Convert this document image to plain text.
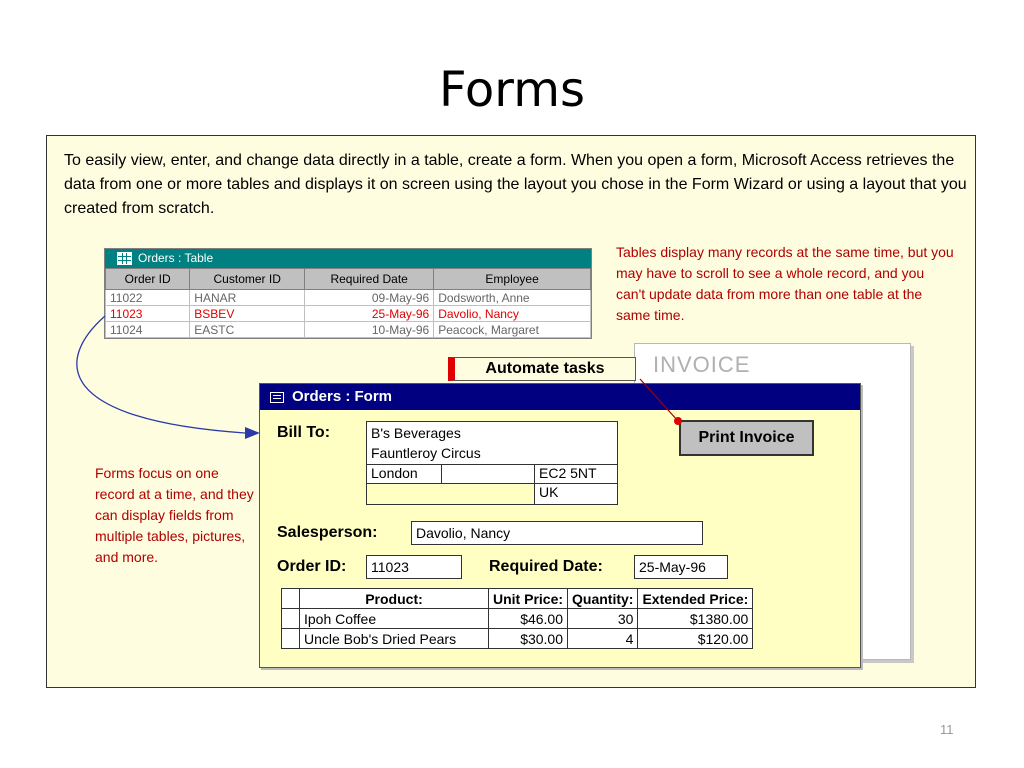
Forms
To easily view, enter, and change data directly in a table, create a form. When you open a form, Microsoft Access retrieves the data from one or more tables and displays it on screen using the layout you chose in the Form Wizard or using a layout that you created from scratch.
Orders : Table
Order ID	Customer ID	Required Date	Employee
11022	HANAR	09-May-96	Dodsworth, Anne
11023	BSBEV	25-May-96	Davolio, Nancy
11024	EASTC	10-May-96	Peacock, Margaret
Tables display many records at the same time, but you may have to scroll to see a whole record, and you can't update data from more than one table at the same time.
Forms focus on one record at a time, and they can display fields from multiple tables, pictures, and more.
INVOICE
Automate tasks
Orders : Form
Bill To:	B's Beverages
Fauntleroy Circus
London	EC2 5NT
UK
Salesperson:	Davolio, Nancy
Order ID:	11023	Required Date:	25-May-96
	Product:	Unit Price:	Quantity:	Extended Price:
	Ipoh Coffee	$46.00	30	$1380.00
	Uncle Bob's Dried Pears	$30.00	4	$120.00
Print Invoice
11
